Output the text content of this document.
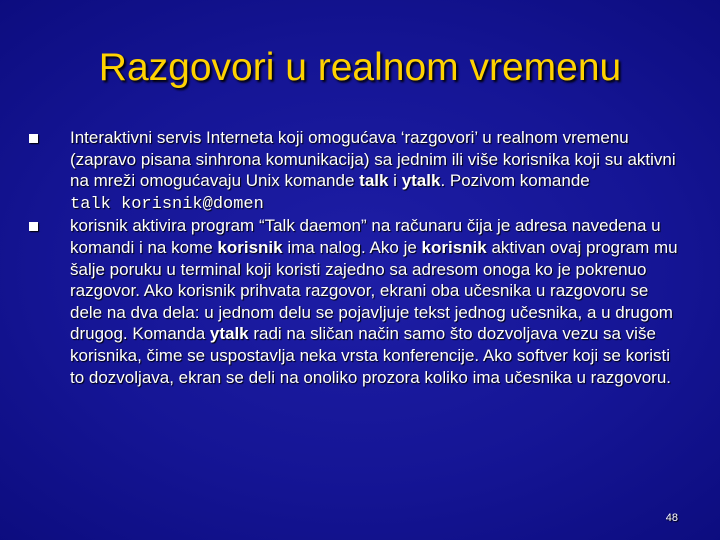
Razgovori u realnom vremenu
Interaktivni servis Interneta koji omogućava ‘razgovori’ u realnom vremenu (zapravo pisana sinhrona komunikacija) sa jednim ili više korisnika koji su aktivni na mreži omogućavaju Unix komande talk i ytalk. Pozivom komande
talk korisnik@domen
korisnik aktivira program “Talk daemon” na računaru čija je adresa navedena u komandi i na kome korisnik ima nalog. Ako je korisnik aktivan ovaj program mu šalje poruku u terminal koji koristi zajedno sa adresom onoga ko je pokrenuo razgovor. Ako korisnik prihvata razgovor, ekrani oba učesnika u razgovoru se dele na dva dela: u jednom delu se pojavljuje tekst jednog učesnika, a u drugom drugog. Komanda ytalk radi na sličan način samo što dozvoljava vezu sa više korisnika, čime se uspostavlja neka vrsta konferencije. Ako softver koji se koristi to dozvoljava, ekran se deli na onoliko prozora koliko ima učesnika u razgovoru.
48
